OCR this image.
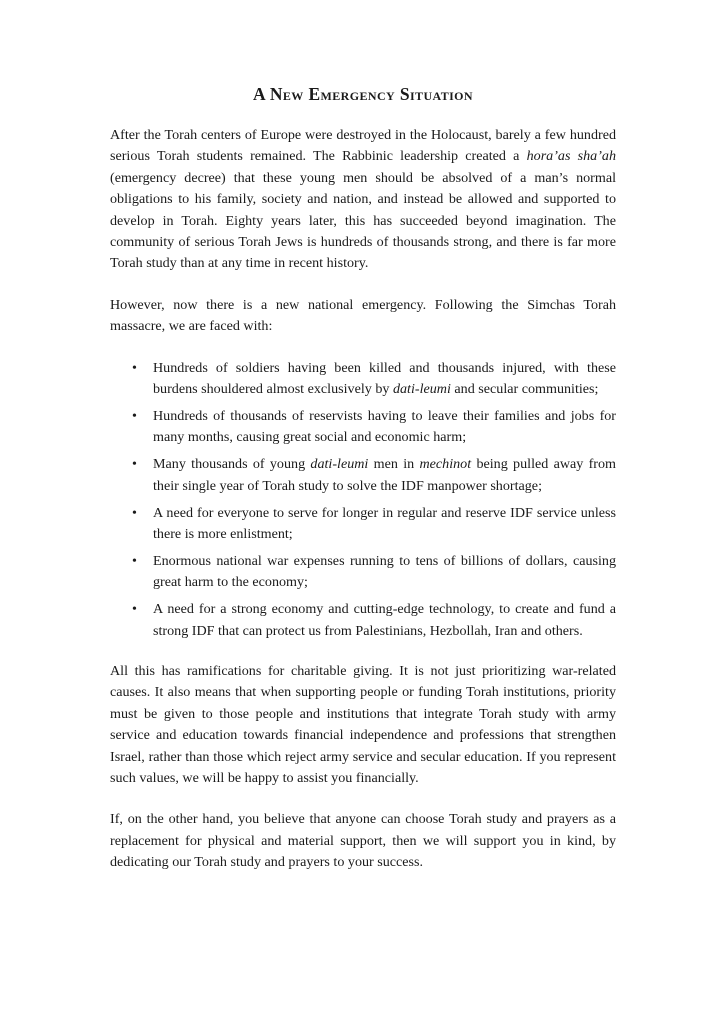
A New Emergency Situation

After the Torah centers of Europe were destroyed in the Holocaust, barely a few hundred serious Torah students remained. The Rabbinic leadership created a hora’as sha’ah (emergency decree) that these young men should be absolved of a man’s normal obligations to his family, society and nation, and instead be allowed and supported to develop in Torah. Eighty years later, this has succeeded beyond imagination. The community of serious Torah Jews is hundreds of thousands strong, and there is far more Torah study than at any time in recent history.

However, now there is a new national emergency. Following the Simchas Torah massacre, we are faced with:

• Hundreds of soldiers having been killed and thousands injured, with these burdens shouldered almost exclusively by dati-leumi and secular communities;
• Hundreds of thousands of reservists having to leave their families and jobs for many months, causing great social and economic harm;
• Many thousands of young dati-leumi men in mechinot being pulled away from their single year of Torah study to solve the IDF manpower shortage;
• A need for everyone to serve for longer in regular and reserve IDF service unless there is more enlistment;
• Enormous national war expenses running to tens of billions of dollars, causing great harm to the economy;
• A need for a strong economy and cutting-edge technology, to create and fund a strong IDF that can protect us from Palestinians, Hezbollah, Iran and others.

All this has ramifications for charitable giving. It is not just prioritizing war-related causes. It also means that when supporting people or funding Torah institutions, priority must be given to those people and institutions that integrate Torah study with army service and education towards financial independence and professions that strengthen Israel, rather than those which reject army service and secular education. If you represent such values, we will be happy to assist you financially.

If, on the other hand, you believe that anyone can choose Torah study and prayers as a replacement for physical and material support, then we will support you in kind, by dedicating our Torah study and prayers to your success.
